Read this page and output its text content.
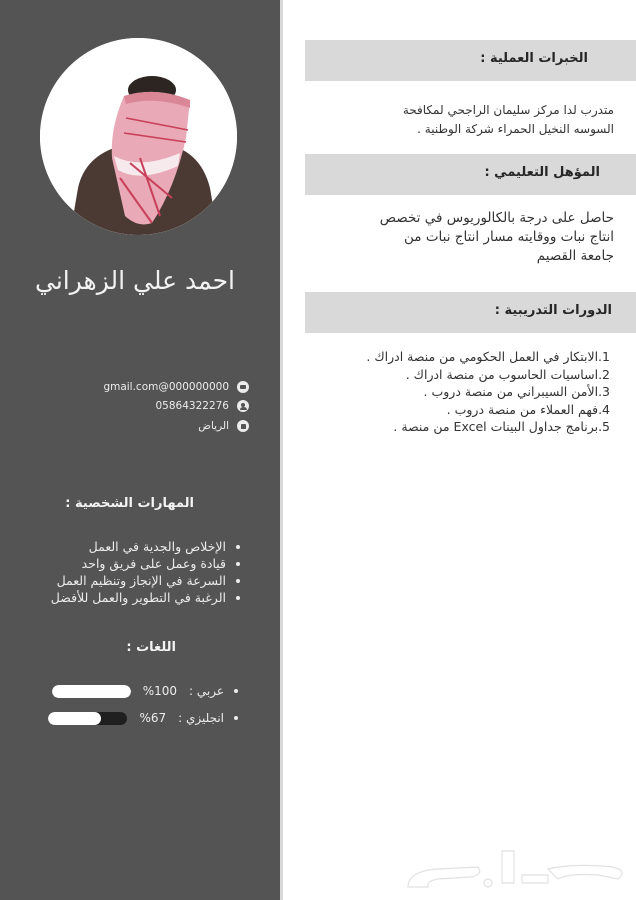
احمد علي الزهراني
000000000@gmail.com
05864322276
الرياض
المهارات الشخصية :
الإخلاص والجدية في العمل
قيادة وعمل على فريق واحد
السرعة في الإنجاز وتنظيم العمل
الرغبة في التطوير والعمل للأفضل
اللغات :
عربي :
%100
انجليزي :
%67
الخبرات العملية :
متدرب لدا مركز سليمان الراجحي لمكافحة
السوسه النخيل الحمراء شركة الوطنية .
المؤهل التعليمي :
حاصل على درجة بالكالوريوس في تخصص
انتاج نبات ووقايته مسار انتاج نبات من
جامعة القصيم
الدورات التدريبية :
1.الابتكار في العمل الحكومي من منصة ادراك .
2.اساسيات الحاسوب من منصة ادراك .
3.الأمن السيبراني من منصة دروب .
4.فهم العملاء من منصة دروب .
5.برنامج جداول البينات Excel من منصة .
